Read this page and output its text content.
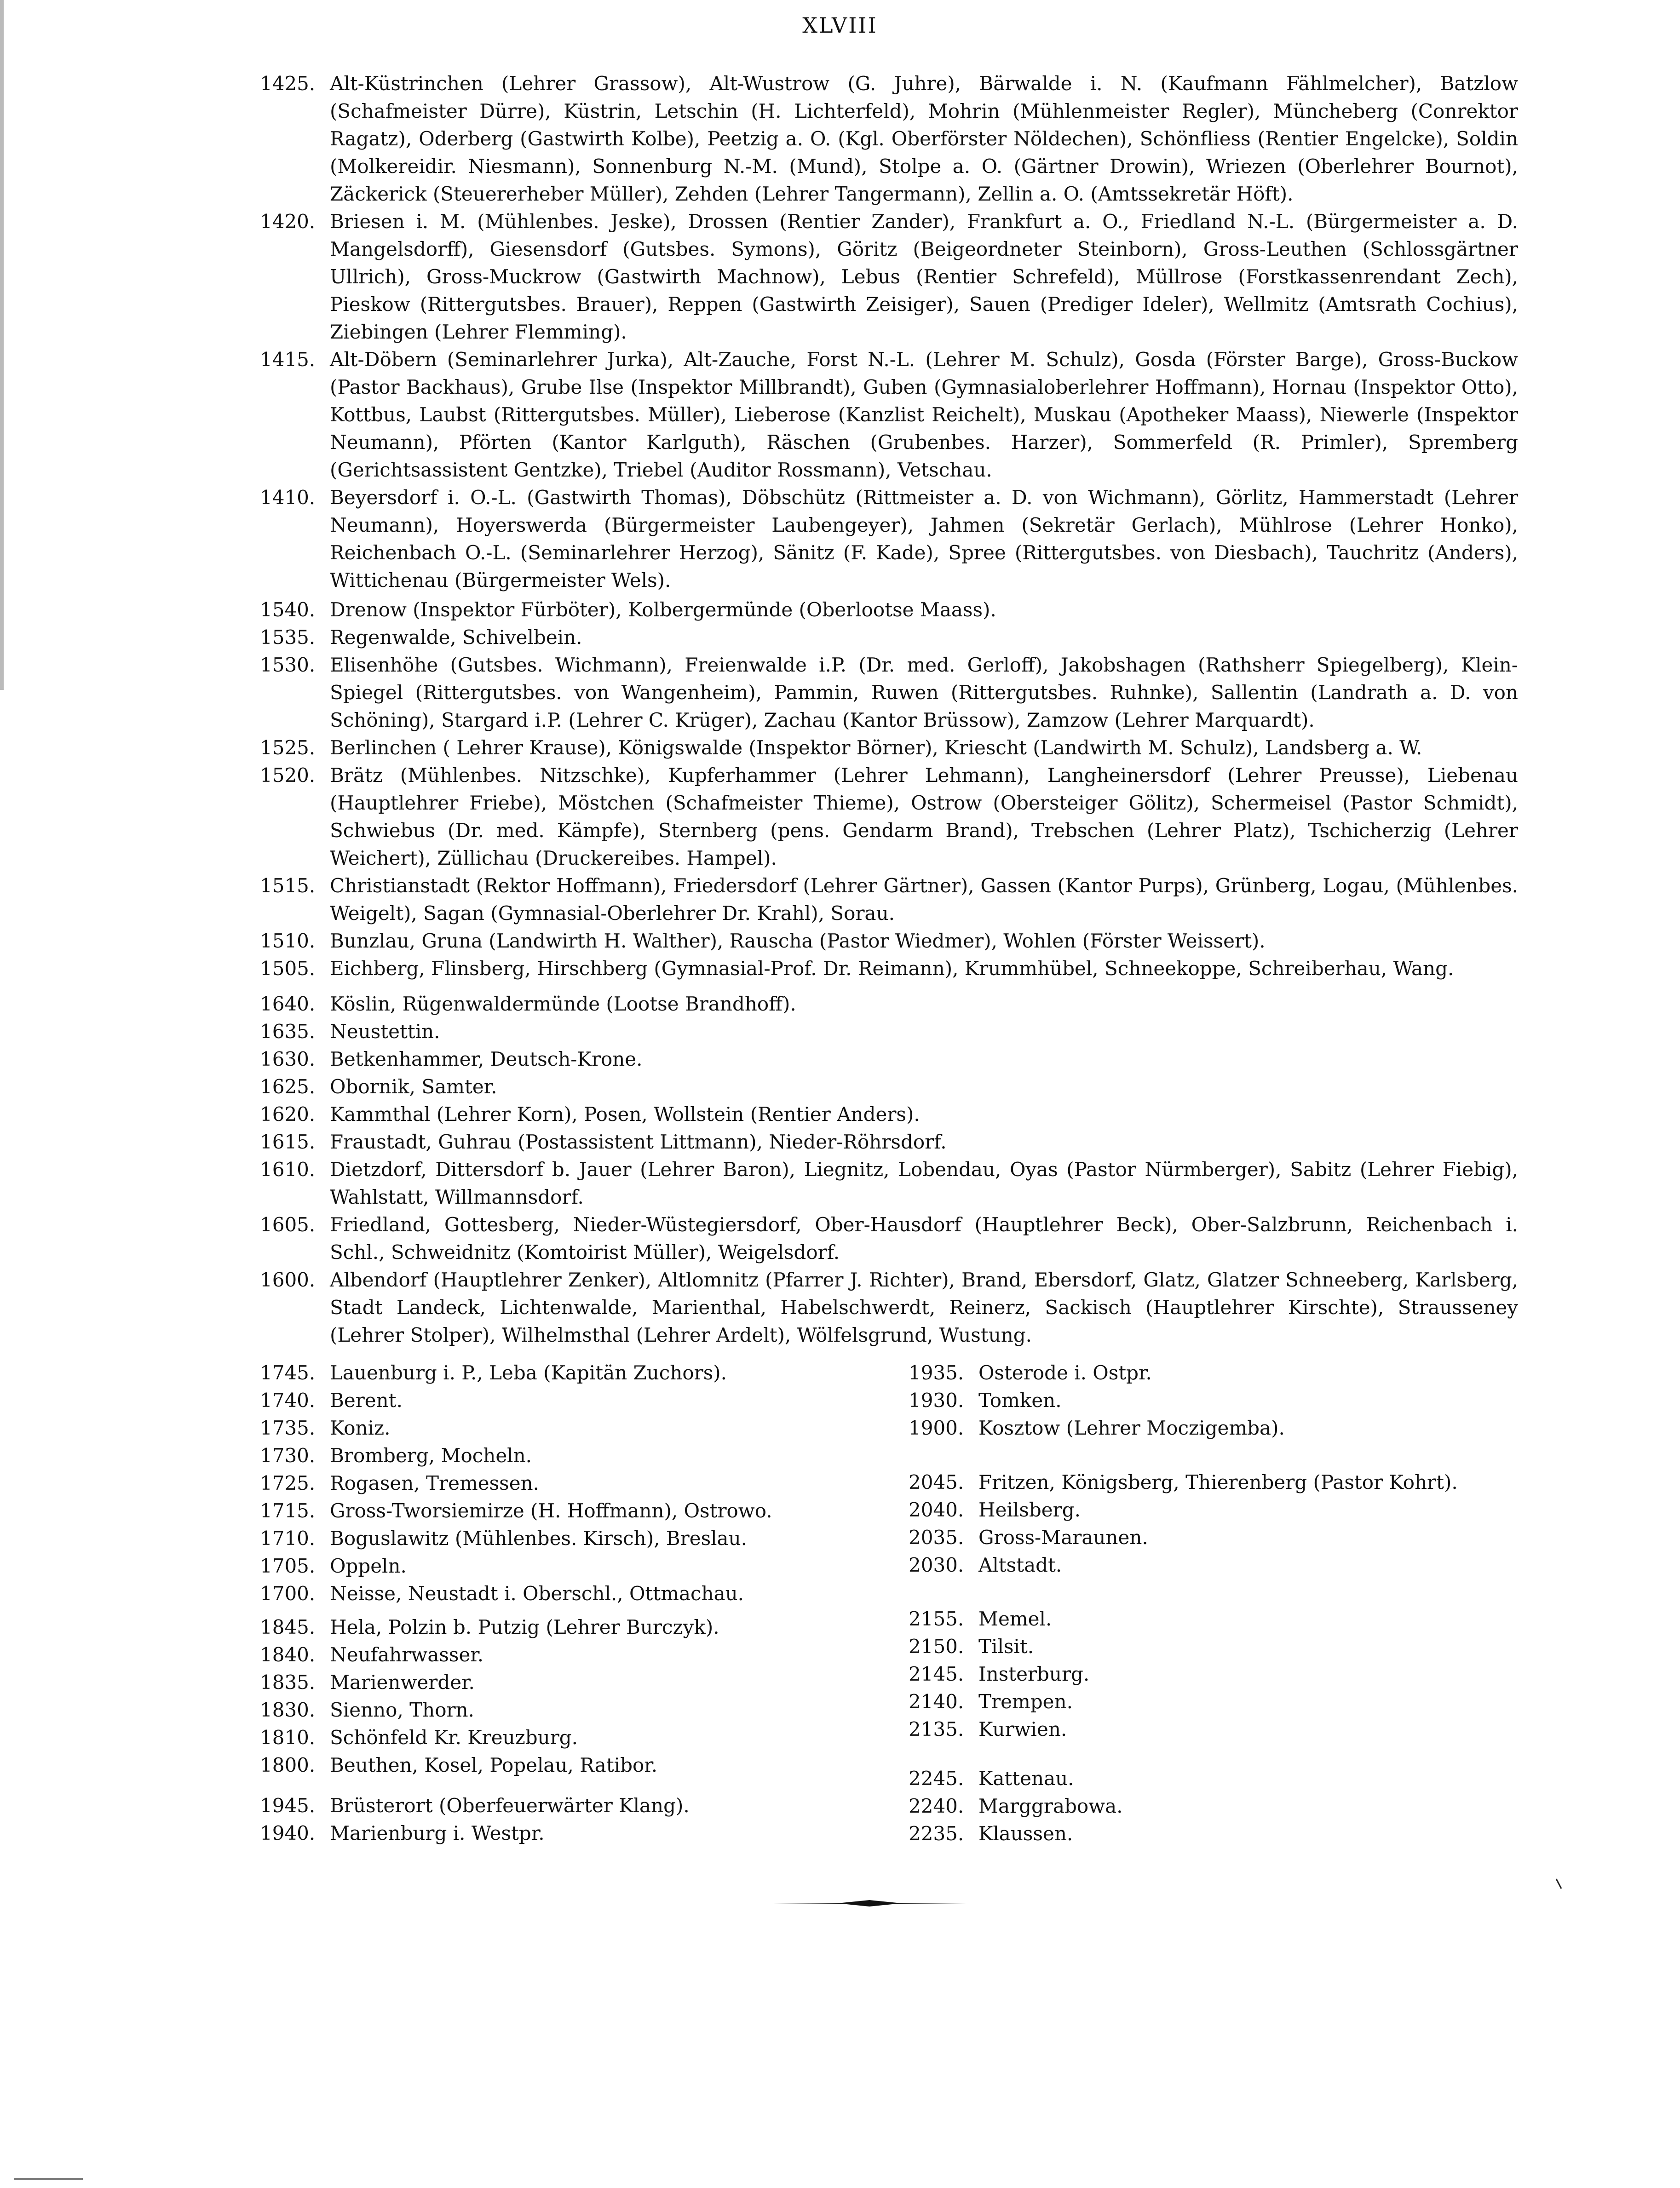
XLVIII
1425. Alt-Küstrinchen (Lehrer Grassow), Alt-Wustrow (G. Juhre), Bärwalde i. N. (Kaufmann Fählmelcher), Batzlow (Schafmeister Dürre), Küstrin, Letschin (H. Lichterfeld), Mohrin (Mühlenmeister Regler), Müncheberg (Conrektor Ragatz), Oderberg (Gastwirth Kolbe), Peetzig a. O. (Kgl. Oberförster Nöldechen), Schönfliess (Rentier Engelcke), Soldin (Molkereidir. Niesmann), Sonnenburg N.-M. (Mund), Stolpe a. O. (Gärtner Drowin), Wriezen (Oberlehrer Bournot), Zäckerick (Steuererheber Müller), Zehden (Lehrer Tangermann), Zellin a. O. (Amtssekretär Höft).
1420. Briesen i. M. (Mühlenbes. Jeske), Drossen (Rentier Zander), Frankfurt a. O., Friedland N.-L. (Bürgermeister a. D. Mangelsdorff), Giesensdorf (Gutsbes. Symons), Göritz (Beigeordneter Steinborn), Gross-Leuthen (Schlossgärtner Ullrich), Gross-Muckrow (Gastwirth Machnow), Lebus (Rentier Schrefeld), Müllrose (Forstkassenrendant Zech), Pieskow (Rittergutsbes. Brauer), Reppen (Gastwirth Zeisiger), Sauen (Prediger Ideler), Wellmitz (Amtsrath Cochius), Ziebingen (Lehrer Flemming).
1415. Alt-Döbern (Seminarlehrer Jurka), Alt-Zauche, Forst N.-L. (Lehrer M. Schulz), Gosda (Förster Barge), Gross-Buckow (Pastor Backhaus), Grube Ilse (Inspektor Millbrandt), Guben (Gymnasialoberlehrer Hoffmann), Hornau (Inspektor Otto), Kottbus, Laubst (Rittergutsbes. Müller), Lieberose (Kanzlist Reichelt), Muskau (Apotheker Maass), Niewerle (Inspektor Neumann), Pförten (Kantor Karlguth), Räschen (Grubenbes. Harzer), Sommerfeld (R. Primler), Spremberg (Gerichtsassistent Gentzke), Triebel (Auditor Rossmann), Vetschau.
1410. Beyersdorf i. O.-L. (Gastwirth Thomas), Döbschütz (Rittmeister a. D. von Wichmann), Görlitz, Hammerstadt (Lehrer Neumann), Hoyerswerda (Bürgermeister Laubengeyer), Jahmen (Sekretär Gerlach), Mühlrose (Lehrer Honko), Reichenbach O.-L. (Seminarlehrer Herzog), Sänitz (F. Kade), Spree (Rittergutsbes. von Diesbach), Tauchritz (Anders), Wittichenau (Bürgermeister Wels).
1540. Drenow (Inspektor Fürböter), Kolbergermünde (Oberlootse Maass).
1535. Regenwalde, Schivelbein.
1530. Elisenhöhe (Gutsbes. Wichmann), Freienwalde i.P. (Dr. med. Gerloff), Jakobshagen (Rathsherr Spiegelberg), Klein-Spiegel (Rittergutsbes. von Wangenheim), Pammin, Ruwen (Rittergutsbes. Ruhnke), Sallentin (Landrath a. D. von Schöning), Stargard i.P. (Lehrer C. Krüger), Zachau (Kantor Brüssow), Zamzow (Lehrer Marquardt).
1525. Berlinchen ( Lehrer Krause), Königswalde (Inspektor Börner), Kriescht (Landwirth M. Schulz), Landsberg a. W.
1520. Brätz (Mühlenbes. Nitzschke), Kupferhammer (Lehrer Lehmann), Langheinersdorf (Lehrer Preusse), Liebenau (Hauptlehrer Friebe), Möstchen (Schafmeister Thieme), Ostrow (Obersteiger Gölitz), Schermeisel (Pastor Schmidt), Schwiebus (Dr. med. Kämpfe), Sternberg (pens. Gendarm Brand), Trebschen (Lehrer Platz), Tschicherzig (Lehrer Weichert), Züllichau (Druckereibes. Hampel).
1515. Christianstadt (Rektor Hoffmann), Friedersdorf (Lehrer Gärtner), Gassen (Kantor Purps), Grünberg, Logau, (Mühlenbes. Weigelt), Sagan (Gymnasial-Oberlehrer Dr. Krahl), Sorau.
1510. Bunzlau, Gruna (Landwirth H. Walther), Rauscha (Pastor Wiedmer), Wohlen (Förster Weissert).
1505. Eichberg, Flinsberg, Hirschberg (Gymnasial-Prof. Dr. Reimann), Krummhübel, Schneekoppe, Schreiberhau, Wang.
1640. Köslin, Rügenwaldermünde (Lootse Brandhoff).
1635. Neustettin.
1630. Betkenhammer, Deutsch-Krone.
1625. Obornik, Samter.
1620. Kammthal (Lehrer Korn), Posen, Wollstein (Rentier Anders).
1615. Fraustadt, Guhrau (Postassistent Littmann), Nieder-Röhrsdorf.
1610. Dietzdorf, Dittersdorf b. Jauer (Lehrer Baron), Liegnitz, Lobendau, Oyas (Pastor Nürmberger), Sabitz (Lehrer Fiebig), Wahlstatt, Willmannsdorf.
1605. Friedland, Gottesberg, Nieder-Wüstegiersdorf, Ober-Hausdorf (Hauptlehrer Beck), Ober-Salzbrunn, Reichenbach i. Schl., Schweidnitz (Komtoirist Müller), Weigelsdorf.
1600. Albendorf (Hauptlehrer Zenker), Altlomnitz (Pfarrer J. Richter), Brand, Ebersdorf, Glatz, Glatzer Schneeberg, Karlsberg, Stadt Landeck, Lichtenwalde, Marienthal, Habelschwerdt, Reinerz, Sackisch (Hauptlehrer Kirschte), Strausseney (Lehrer Stolper), Wilhelmsthal (Lehrer Ardelt), Wölfelsgrund, Wustung.
1745. Lauenburg i. P., Leba (Kapitän Zuchors).
1740. Berent.
1735. Koniz.
1730. Bromberg, Mocheln.
1725. Rogasen, Tremessen.
1715. Gross-Tworsiemirze (H. Hoffmann), Ostrowo.
1710. Boguslawitz (Mühlenbes. Kirsch), Breslau.
1705. Oppeln.
1700. Neisse, Neustadt i. Oberschl., Ottmachau.
1845. Hela, Polzin b. Putzig (Lehrer Burczyk).
1840. Neufahrwasser.
1835. Marienwerder.
1830. Sienno, Thorn.
1810. Schönfeld Kr. Kreuzburg.
1800. Beuthen, Kosel, Popelau, Ratibor.
1945. Brüsterort (Oberfeuerwärter Klang).
1940. Marienburg i. Westpr.
1935. Osterode i. Ostpr.
1930. Tomken.
1900. Kosztow (Lehrer Moczigemba).
2045. Fritzen, Königsberg, Thierenberg (Pastor Kohrt).
2040. Heilsberg.
2035. Gross-Maraunen.
2030. Altstadt.
2155. Memel.
2150. Tilsit.
2145. Insterburg.
2140. Trempen.
2135. Kurwien.
2245. Kattenau.
2240. Marggrabowa.
2235. Klaussen.
